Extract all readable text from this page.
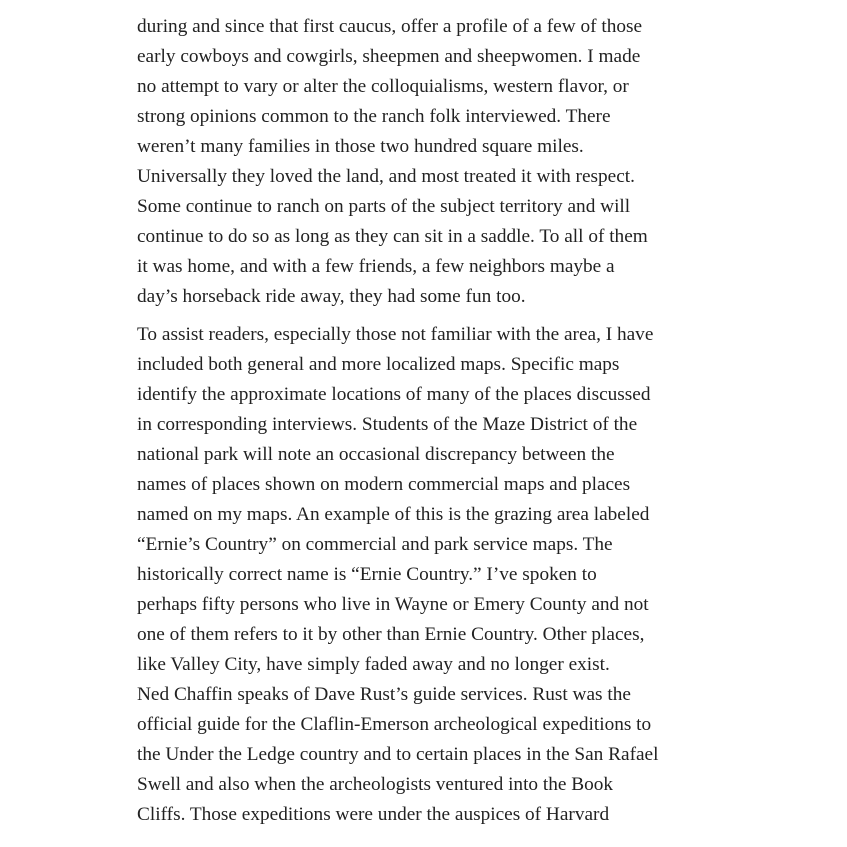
during and since that first caucus, offer a profile of a few of those
early cowboys and cowgirls, sheepmen and sheepwomen. I made
no attempt to vary or alter the colloquialisms, western flavor, or
strong opinions common to the ranch folk interviewed. There
weren’t many families in those two hundred square miles.
Universally they loved the land, and most treated it with respect.
Some continue to ranch on parts of the subject territory and will
continue to do so as long as they can sit in a saddle. To all of them
it was home, and with a few friends, a few neighbors maybe a
day’s horseback ride away, they had some fun too.

To assist readers, especially those not familiar with the area, I have
included both general and more localized maps. Specific maps
identify the approximate locations of many of the places discussed
in corresponding interviews. Students of the Maze District of the
national park will note an occasional discrepancy between the
names of places shown on modern commercial maps and places
named on my maps. An example of this is the grazing area labeled
“Ernie’s Country” on commercial and park service maps. The
historically correct name is “Ernie Country.” I’ve spoken to
perhaps fifty persons who live in Wayne or Emery County and not
one of them refers to it by other than Ernie Country. Other places,
like Valley City, have simply faded away and no longer exist.

Ned Chaffin speaks of Dave Rust’s guide services. Rust was the
official guide for the Claflin-Emerson archeological expeditions to
the Under the Ledge country and to certain places in the San Rafael
Swell and also when the archeologists ventured into the Book
Cliffs. Those expeditions were under the auspices of Harvard
